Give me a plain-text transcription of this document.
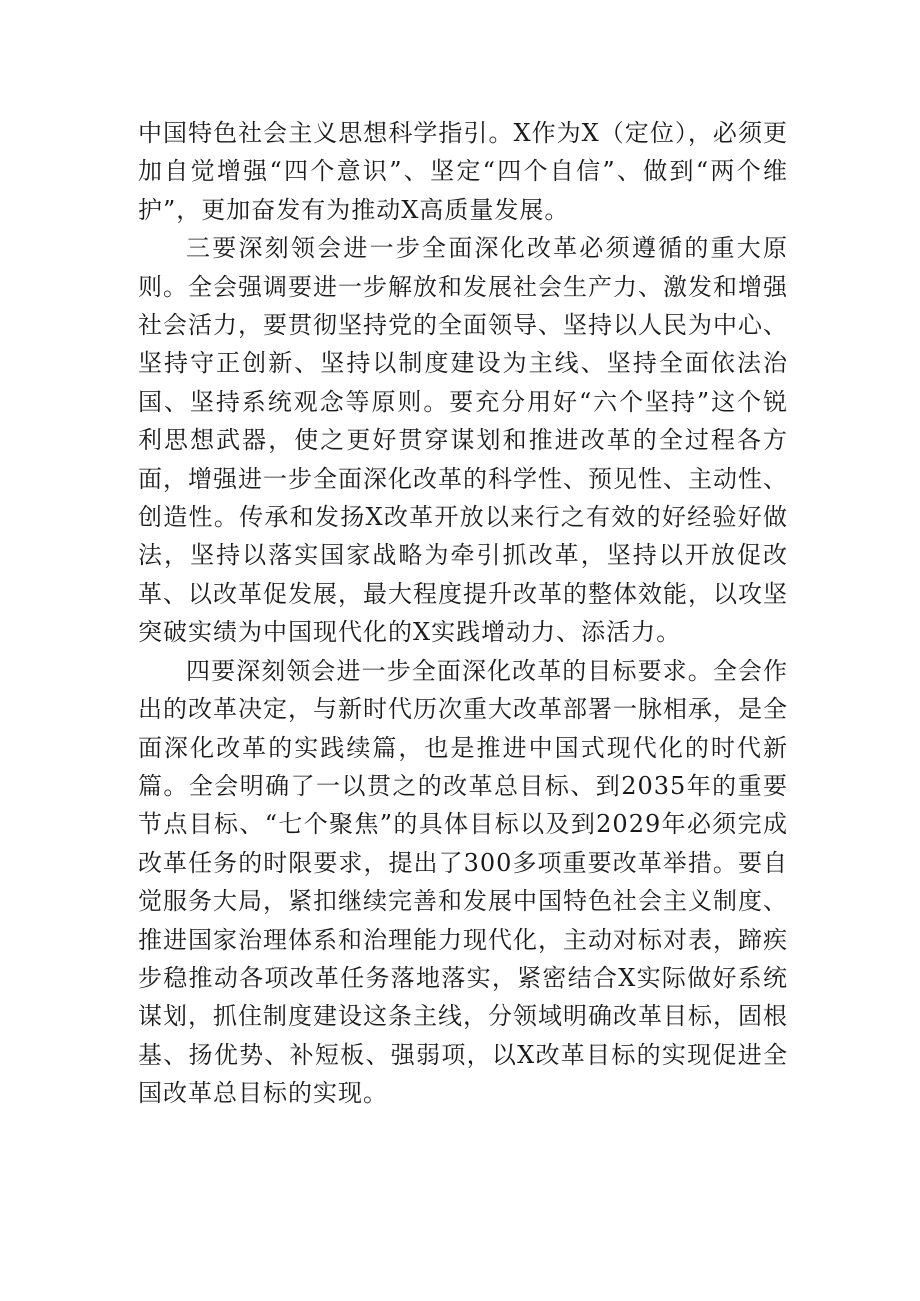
中国特色社会主义思想科学指引。X作为X（定位），必须更加自觉增强“四个意识”、坚定“四个自信”、做到“两个维护”，更加奋发有为推动X高质量发展。

三要深刻领会进一步全面深化改革必须遵循的重大原则。全会强调要进一步解放和发展社会生产力、激发和增强社会活力，要贯彻坚持党的全面领导、坚持以人民为中心、坚持守正创新、坚持以制度建设为主线、坚持全面依法治国、坚持系统观念等原则。要充分用好“六个坚持”这个锐利思想武器，使之更好贯穿谋划和推进改革的全过程各方面，增强进一步全面深化改革的科学性、预见性、主动性、创造性。传承和发扬X改革开放以来行之有效的好经验好做法，坚持以落实国家战略为牵引抓改革，坚持以开放促改革、以改革促发展，最大程度提升改革的整体效能，以攻坚突破实绩为中国现代化的X实践增动力、添活力。

四要深刻领会进一步全面深化改革的目标要求。全会作出的改革决定，与新时代历次重大改革部署一脉相承，是全面深化改革的实践续篇，也是推进中国式现代化的时代新篇。全会明确了一以贯之的改革总目标、到2035年的重要节点目标、“七个聚焦”的具体目标以及到2029年必须完成改革任务的时限要求，提出了300多项重要改革举措。要自觉服务大局，紧扣继续完善和发展中国特色社会主义制度、推进国家治理体系和治理能力现代化，主动对标对表，蹄疾步稳推动各项改革任务落地落实，紧密结合X实际做好系统谋划，抓住制度建设这条主线，分领域明确改革目标，固根基、扬优势、补短板、强弱项，以X改革目标的实现促进全国改革总目标的实现。
